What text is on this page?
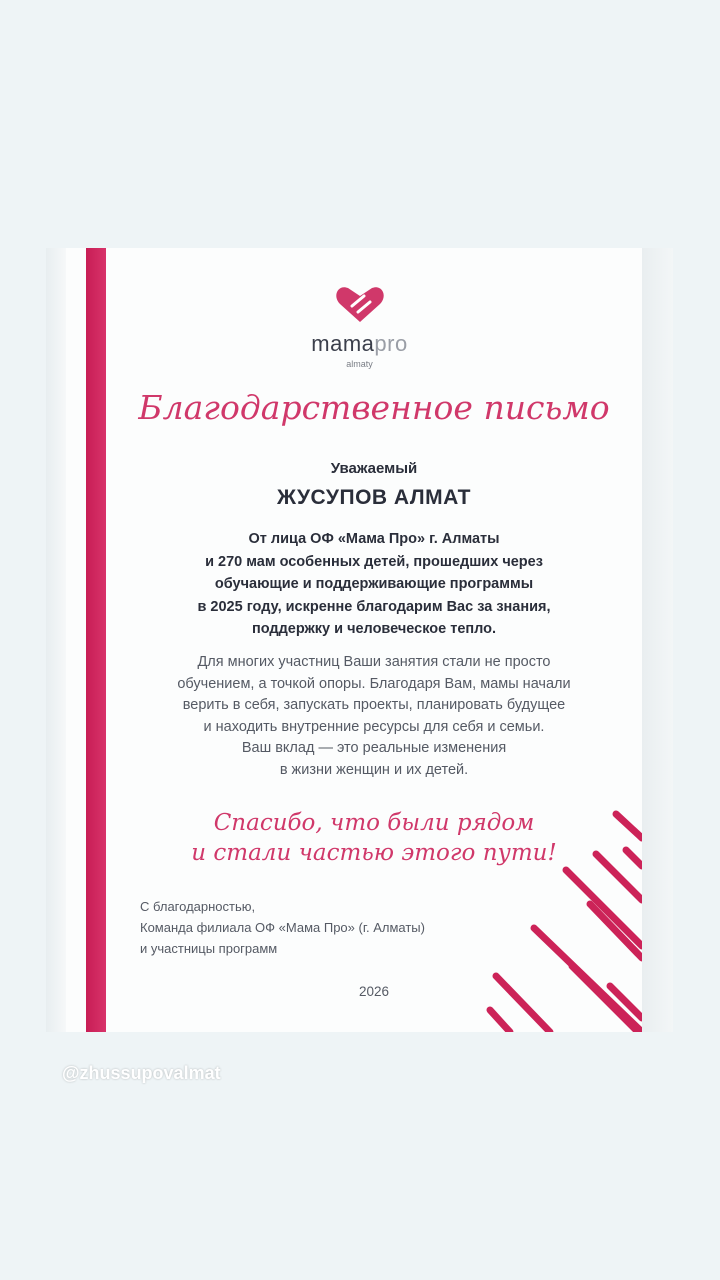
mamapro
almaty
Благодарственное письмо
Уважаемый
ЖУСУПОВ АЛМАТ
От лица ОФ «Мама Про» г. Алматы
и 270 мам особенных детей, прошедших через
обучающие и поддерживающие программы
в 2025 году, искренне благодарим Вас за знания,
поддержку и человеческое тепло.
Для многих участниц Ваши занятия стали не просто
обучением, а точкой опоры. Благодаря Вам, мамы начали
верить в себя, запускать проекты, планировать будущее
и находить внутренние ресурсы для себя и семьи.
Ваш вклад — это реальные изменения
в жизни женщин и их детей.
Спасибо, что были рядом
и стали частью этого пути!
С благодарностью,
Команда филиала ОФ «Мама Про» (г. Алматы)
и участницы программ
2026
@zhussupovalmat
